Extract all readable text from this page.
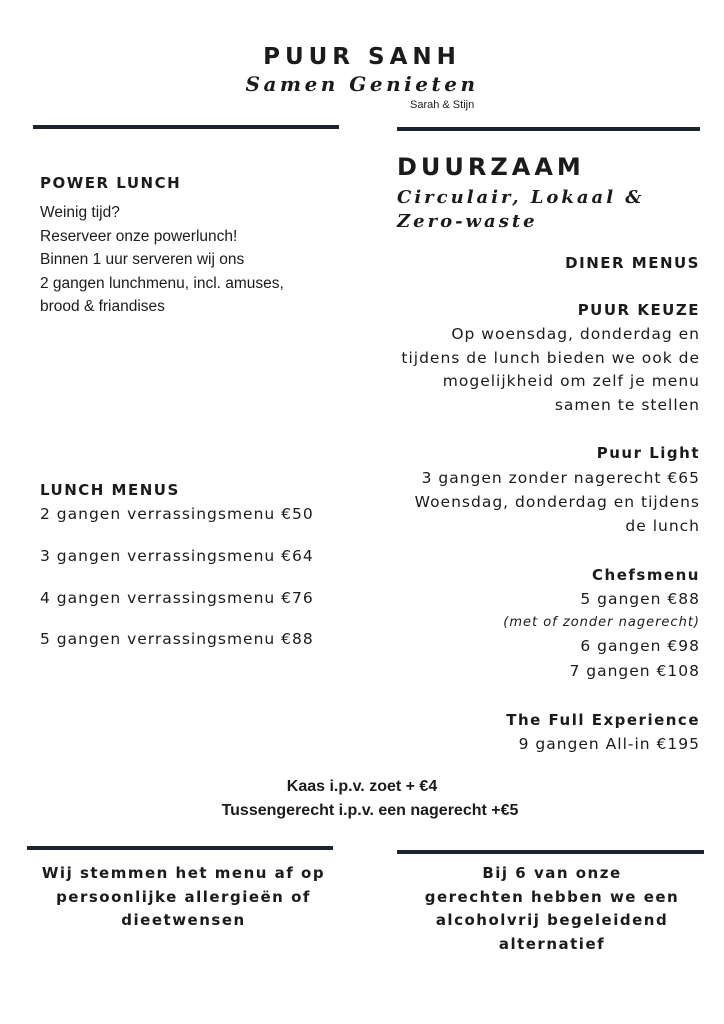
PUUR SANH
Samen Genieten
Sarah & Stijn
POWER LUNCH
Weinig tijd?
Reserveer onze powerlunch!
Binnen 1 uur serveren wij ons
2 gangen lunchmenu, incl. amuses,
brood & friandises
DUURZAAM
Circulair, Lokaal &
Zero-waste
LUNCH MENUS
2 gangen verrassingsmenu €50
3 gangen verrassingsmenu €64
4 gangen verrassingsmenu €76
5 gangen verrassingsmenu €88
DINER MENUS
PUUR KEUZE
Op woensdag, donderdag en
tijdens de lunch bieden we ook de
mogelijkheid om zelf je menu
samen te stellen
Puur Light
3 gangen zonder nagerecht €65
Woensdag, donderdag en tijdens
de lunch
Chefsmenu
5 gangen €88
(met of zonder nagerecht)
6 gangen €98
7 gangen €108
The Full Experience
9 gangen All-in €195
Kaas i.p.v. zoet + €4
Tussengerecht i.p.v. een nagerecht +€5
Wij stemmen het menu af op
persoonlijke allergieën of
dieetwensen
Bij 6 van onze
gerechten hebben we een
alcoholvrij begeleidend
alternatief
